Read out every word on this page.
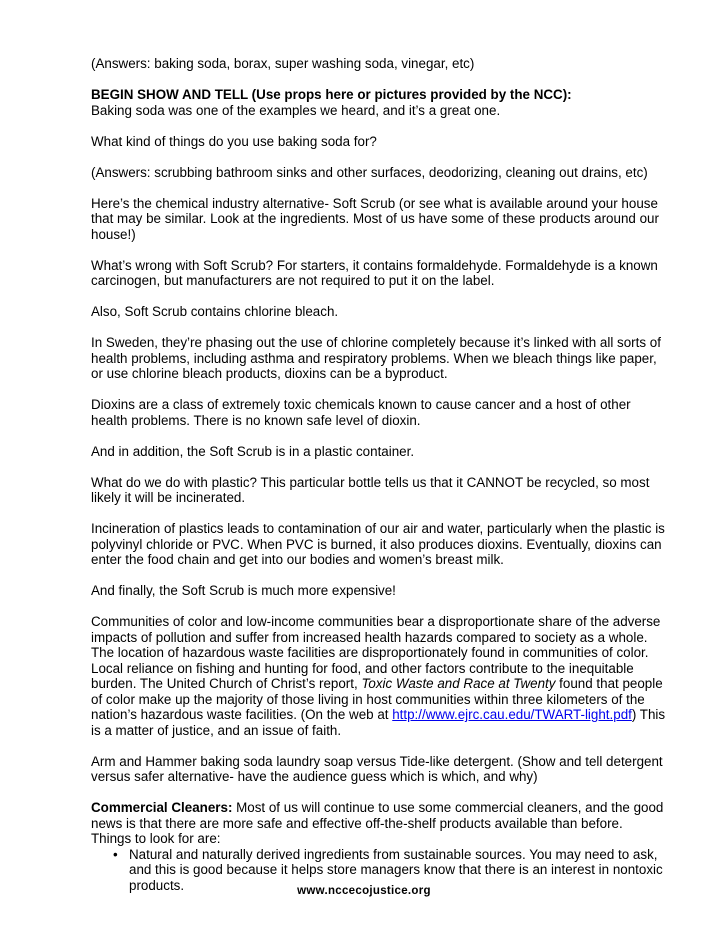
(Answers: baking soda, borax, super washing soda, vinegar, etc)

BEGIN SHOW AND TELL (Use props here or pictures provided by the NCC):
Baking soda was one of the examples we heard, and it’s a great one.

What kind of things do you use baking soda for?

(Answers: scrubbing bathroom sinks and other surfaces, deodorizing, cleaning out drains, etc)

Here’s the chemical industry alternative- Soft Scrub (or see what is available around your house that may be similar. Look at the ingredients. Most of us have some of these products around our house!)

What’s wrong with Soft Scrub? For starters, it contains formaldehyde. Formaldehyde is a known carcinogen, but manufacturers are not required to put it on the label.

Also, Soft Scrub contains chlorine bleach.

In Sweden, they’re phasing out the use of chlorine completely because it’s linked with all sorts of health problems, including asthma and respiratory problems. When we bleach things like paper, or use chlorine bleach products, dioxins can be a byproduct.

Dioxins are a class of extremely toxic chemicals known to cause cancer and a host of other health problems. There is no known safe level of dioxin.

And in addition, the Soft Scrub is in a plastic container.

What do we do with plastic? This particular bottle tells us that it CANNOT be recycled, so most likely it will be incinerated.

Incineration of plastics leads to contamination of our air and water, particularly when the plastic is polyvinyl chloride or PVC. When PVC is burned, it also produces dioxins. Eventually, dioxins can enter the food chain and get into our bodies and women’s breast milk.

And finally, the Soft Scrub is much more expensive!

Communities of color and low-income communities bear a disproportionate share of the adverse impacts of pollution and suffer from increased health hazards compared to society as a whole. The location of hazardous waste facilities are disproportionately found in communities of color. Local reliance on fishing and hunting for food, and other factors contribute to the inequitable burden. The United Church of Christ’s report, Toxic Waste and Race at Twenty found that people of color make up the majority of those living in host communities within three kilometers of the nation’s hazardous waste facilities. (On the web at http://www.ejrc.cau.edu/TWART-light.pdf) This is a matter of justice, and an issue of faith.

Arm and Hammer baking soda laundry soap versus Tide-like detergent. (Show and tell detergent versus safer alternative- have the audience guess which is which, and why)

Commercial Cleaners: Most of us will continue to use some commercial cleaners, and the good news is that there are more safe and effective off-the-shelf products available than before. Things to look for are:

• Natural and naturally derived ingredients from sustainable sources. You may need to ask, and this is good because it helps store managers know that there is an interest in nontoxic products.	www.nccecojustice.org
